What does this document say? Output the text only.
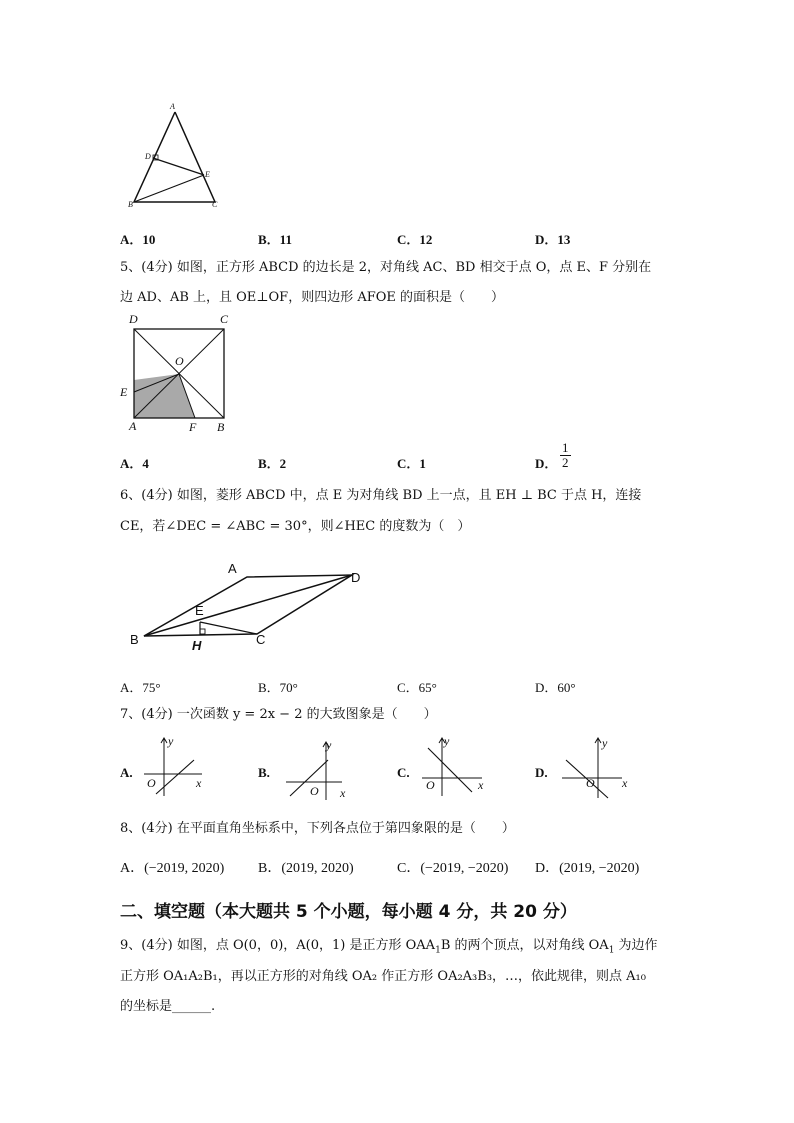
A
D
E
B	C
A．10	B．11	C．12	D．13
5、(4分) 如图，正方形 ABCD 的边长是 2，对角线 AC、BD 相交于点 O，点 E、F 分别在
边 AD、AB 上，且 OE⊥OF，则四边形 AFOE 的面积是（　　）
D	C
O
E
A	F B
A．4	B．2	C．1	D． $\frac{1}{2}$
6、(4分) 如图，菱形 ABCD 中，点 E 为对角线 BD 上一点，且 EH ⊥ BC 于点 H，连接
CE，若∠DEC = ∠ABC = 30°，则∠HEC 的度数为（　）
A
D
E
B	C
H
A．75°	B．70°	C．65°	D．60°
7、(4分) 一次函数 y = 2x − 2 的大致图象是（　　）
A.
y
x
O
B.
y
x
O
C.
y
x
O
D.
y
x
O
8、(4分) 在平面直角坐标系中，下列各点位于第四象限的是（　　）
A．(−2019, 2020) B．(2019, 2020)	C．(−2019, −2020) D．(2019, −2020)
二、填空题（本大题共 5 个小题，每小题 4 分，共 20 分）
9、(4分) 如图，点 O(0，0)，A(0，1) 是正方形 $OAA_1B$ 的两个顶点，以对角线 $OA_1$ 为边作
正方形 OA₁A₂B₁，再以正方形的对角线 OA₂ 作正方形 OA₂A₃B₃，…，依此规律，则点 A₁₀
的坐标是______.
